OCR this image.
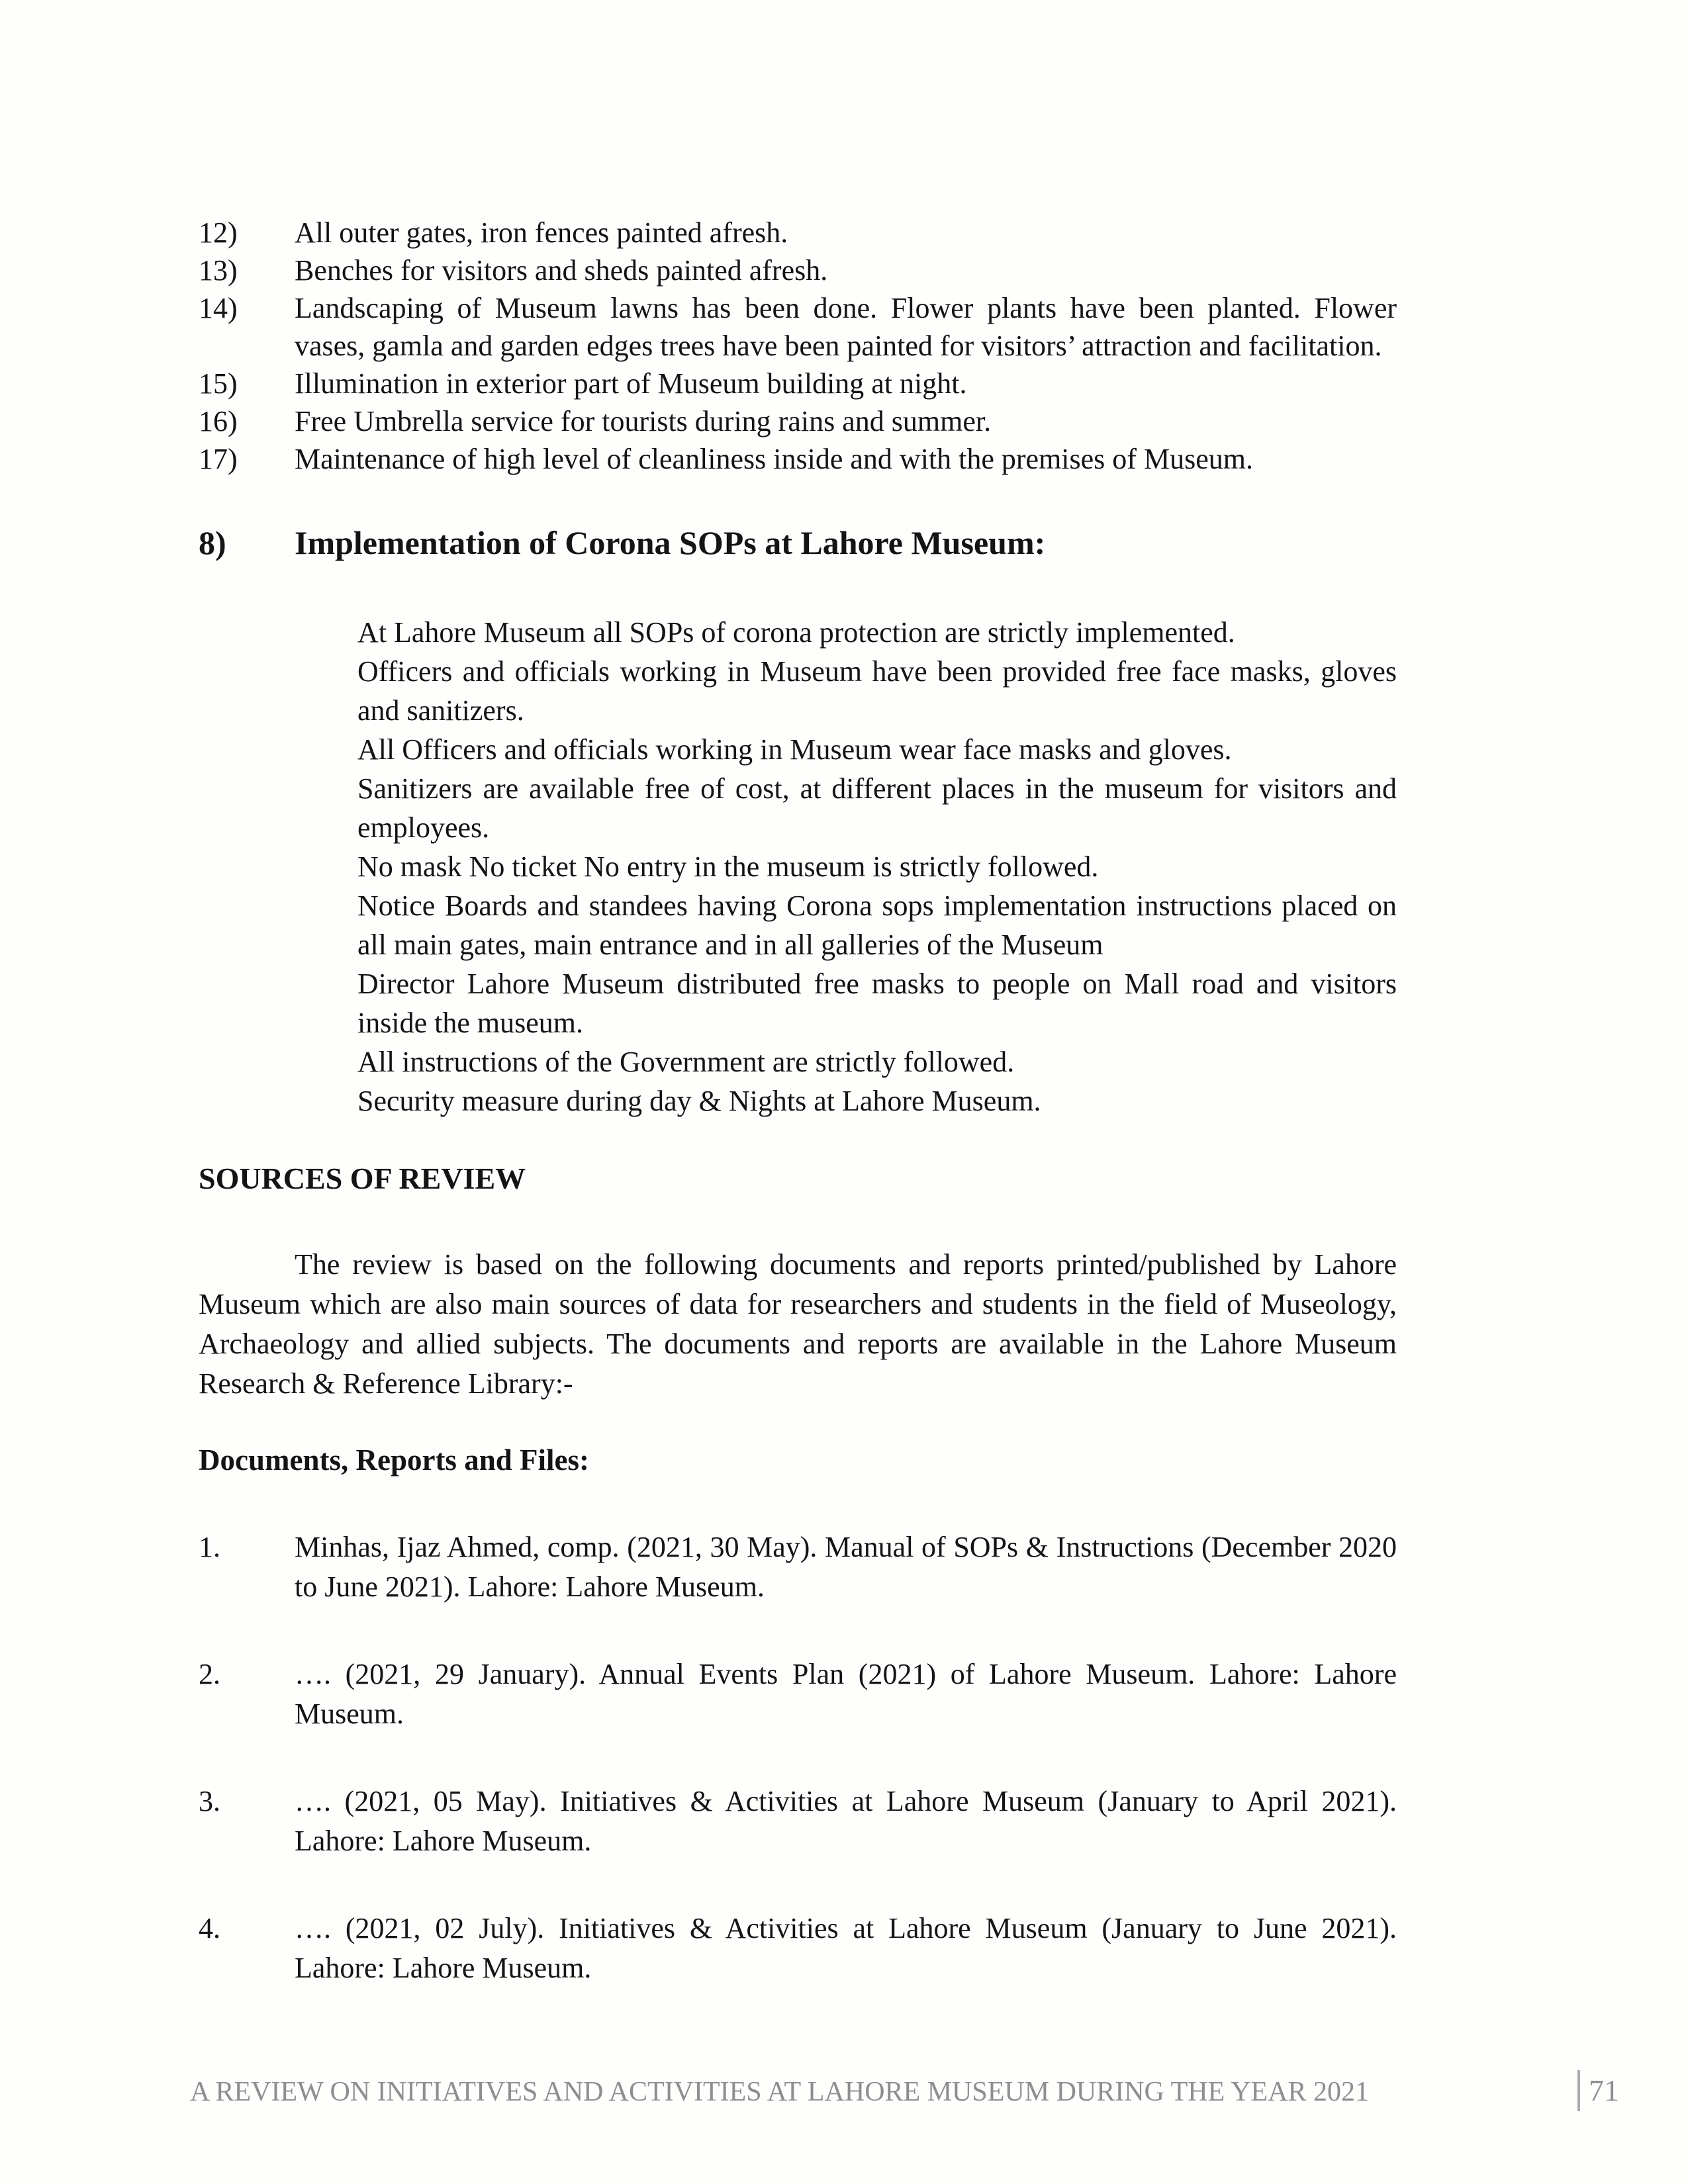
12)	All outer gates, iron fences painted afresh.
13)	Benches for visitors and sheds painted afresh.
14)	Landscaping of Museum lawns has been done. Flower plants have been planted. Flower vases, gamla and garden edges trees have been painted for visitors’ attraction and facilitation.
15)	Illumination in exterior part of Museum building at night.
16)	Free Umbrella service for tourists during rains and summer.
17)	Maintenance of high level of cleanliness inside and with the premises of Museum.
8)	Implementation of Corona SOPs at Lahore Museum:

At Lahore Museum all SOPs of corona protection are strictly implemented.

Officers and officials working in Museum have been provided free face masks, gloves and sanitizers.

All Officers and officials working in Museum wear face masks and gloves.

Sanitizers are available free of cost, at different places in the museum for visitors and employees.

No mask No ticket No entry in the museum is strictly followed.

Notice Boards and standees having Corona sops implementation instructions placed on all main gates, main entrance and in all galleries of the Museum

Director Lahore Museum distributed free masks to people on Mall road and visitors inside the museum.

All instructions of the Government are strictly followed.

Security measure during day & Nights at Lahore Museum.

SOURCES OF REVIEW

The review is based on the following documents and reports printed/published by Lahore Museum which are also main sources of data for researchers and students in the field of Museology, Archaeology and allied subjects. The documents and reports are available in the Lahore Museum Research & Reference Library:-

Documents, Reports and Files:
1.	Minhas, Ijaz Ahmed, comp. (2021, 30 May). Manual of SOPs & Instructions (December 2020 to June 2021). Lahore: Lahore Museum.
2.	…. (2021, 29 January). Annual Events Plan (2021) of Lahore Museum. Lahore: Lahore Museum.
3.	…. (2021, 05 May). Initiatives & Activities at Lahore Museum (January to April 2021). Lahore: Lahore Museum.
4.	…. (2021, 02 July). Initiatives & Activities at Lahore Museum (January to June 2021). Lahore: Lahore Museum.
A REVIEW ON INITIATIVES AND ACTIVITIES AT LAHORE MUSEUM DURING THE YEAR 2021	71
